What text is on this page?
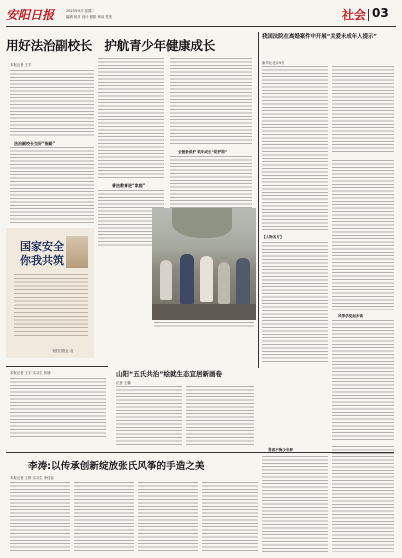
安阳日报	2023年9月 星期二
编辑 校对 设计 照排 审读 签发	社会 03
用好法治副校长　护航青少年健康成长
本报记者 王宇
法治副校长当好“指路”
普法教育进“家庭”
全链条保护 筑牢成长“防护网”
我国法院在离婚案件中开展“关爱未成年人提示”
新华社北京9月
国家安全
你我共筑
安阳日报社 宣
本报记者 王宇 实习生 张瑜	山阳“五氏共治”绘就生态宜居新画卷
记者 王鹏
【人物名片】
风筝学徒起步谈
李涛:以传承创新绽放张氏风筝的手造之美
本报记者 王婷 实习生 李佳佳
青春不悔少年梦
